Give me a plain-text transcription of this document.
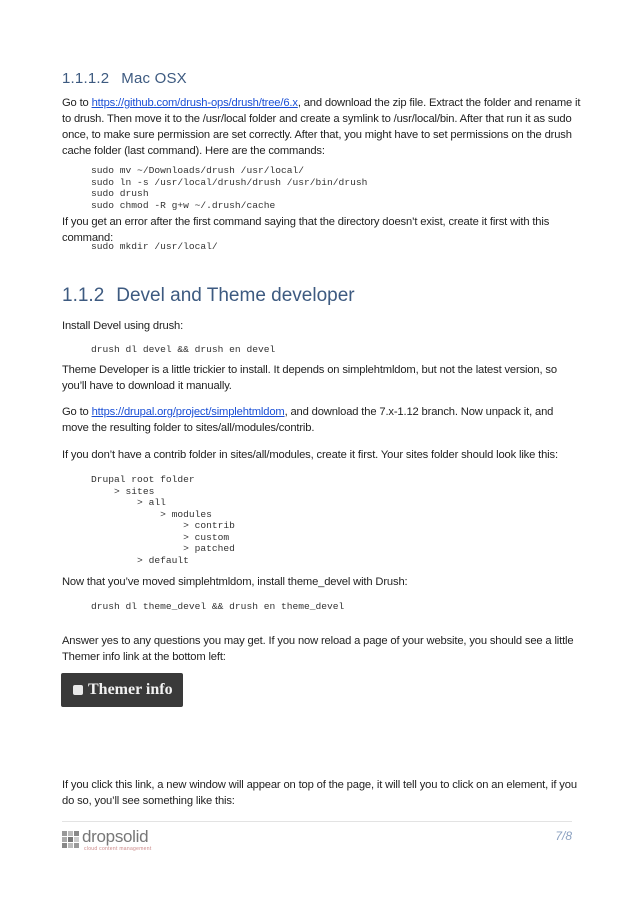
1.1.1.2 Mac OSX
Go to https://github.com/drush-ops/drush/tree/6.x, and download the zip file. Extract the folder and rename it to drush. Then move it to the /usr/local folder and create a symlink to /usr/local/bin. After that run it as sudo once, to make sure permission are set correctly. After that, you might have to set permissions on the drush cache folder (last command). Here are the commands:
sudo mv ~/Downloads/drush /usr/local/
sudo ln -s /usr/local/drush/drush /usr/bin/drush
sudo drush
sudo chmod -R g+w ~/.drush/cache
If you get an error after the first command saying that the directory doesn’t exist, create it first with this command:
sudo mkdir /usr/local/
1.1.2 Devel and Theme developer
Install Devel using drush:
drush dl devel && drush en devel
Theme Developer is a little trickier to install. It depends on simplehtmldom, but not the latest version, so you’ll have to download it manually.
Go to https://drupal.org/project/simplehtmldom, and download the 7.x-1.12 branch. Now unpack it, and move the resulting folder to sites/all/modules/contrib.
If you don’t have a contrib folder in sites/all/modules, create it first. Your sites folder should look like this:
Drupal root folder
> sites
> all
> modules
> contrib
> custom
> patched
> default
Now that you’ve moved simplehtmldom, install theme_devel with Drush:
drush dl theme_devel && drush en theme_devel
Answer yes to any questions you may get. If you now reload a page of your website, you should see a little Themer info link at the bottom left:
Themer info
If you click this link, a new window will appear on top of the page, it will tell you to click on an element, if you do so, you’ll see something like this:
dropsolid
cloud content management
7/8
